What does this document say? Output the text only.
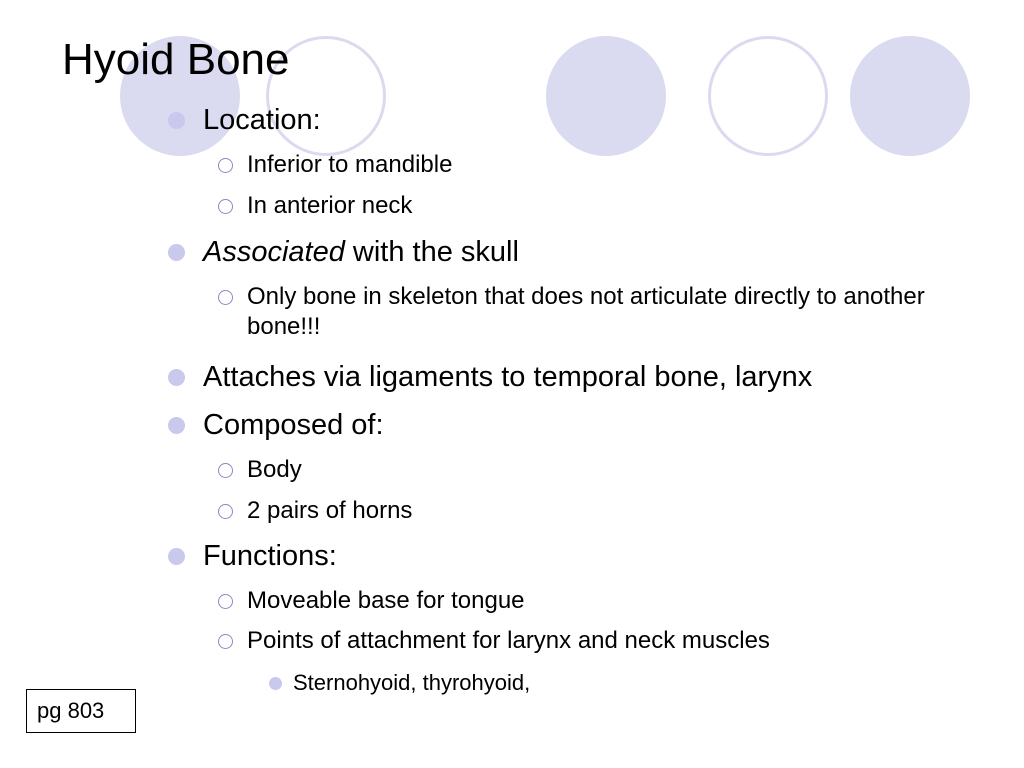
Hyoid Bone
Location:
Inferior to mandible
In anterior neck
Associated with the skull
Only bone in skeleton that does not articulate directly to another bone!!!
Attaches via ligaments to temporal bone, larynx
Composed of:
Body
2 pairs of horns
Functions:
Moveable base for tongue
Points of attachment for larynx and neck muscles
Sternohyoid, thyrohyoid,
pg 803
